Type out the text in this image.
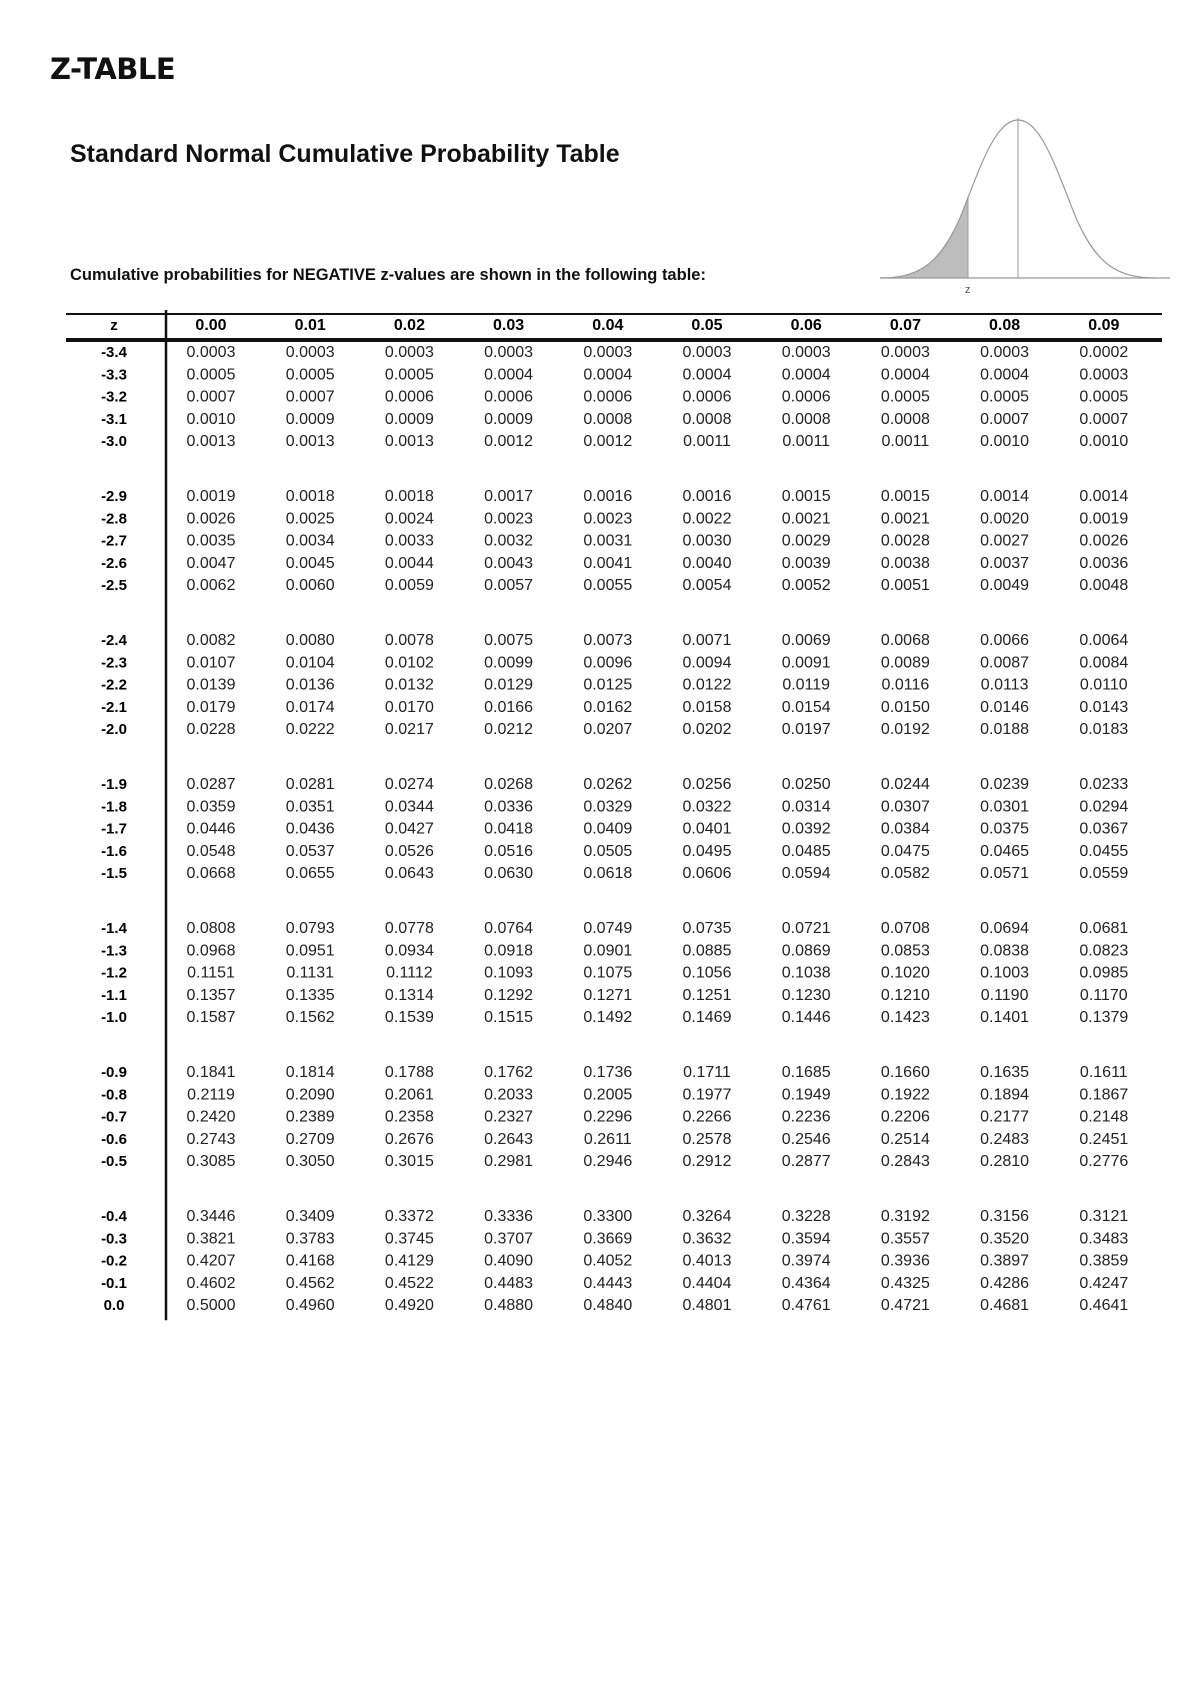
Z-TABLE
Standard Normal Cumulative Probability Table
Cumulative probabilities for NEGATIVE z-values are shown in the following table:
z
z	0.00	0.01	0.02	0.03	0.04	0.05	0.06	0.07	0.08	0.09
-3.4	0.0003	0.0003	0.0003	0.0003	0.0003	0.0003	0.0003	0.0003	0.0003	0.0002
-3.3	0.0005	0.0005	0.0005	0.0004	0.0004	0.0004	0.0004	0.0004	0.0004	0.0003
-3.2	0.0007	0.0007	0.0006	0.0006	0.0006	0.0006	0.0006	0.0005	0.0005	0.0005
-3.1	0.0010	0.0009	0.0009	0.0009	0.0008	0.0008	0.0008	0.0008	0.0007	0.0007
-3.0	0.0013	0.0013	0.0013	0.0012	0.0012	0.0011	0.0011	0.0011	0.0010	0.0010
-2.9	0.0019	0.0018	0.0018	0.0017	0.0016	0.0016	0.0015	0.0015	0.0014	0.0014
-2.8	0.0026	0.0025	0.0024	0.0023	0.0023	0.0022	0.0021	0.0021	0.0020	0.0019
-2.7	0.0035	0.0034	0.0033	0.0032	0.0031	0.0030	0.0029	0.0028	0.0027	0.0026
-2.6	0.0047	0.0045	0.0044	0.0043	0.0041	0.0040	0.0039	0.0038	0.0037	0.0036
-2.5	0.0062	0.0060	0.0059	0.0057	0.0055	0.0054	0.0052	0.0051	0.0049	0.0048
-2.4	0.0082	0.0080	0.0078	0.0075	0.0073	0.0071	0.0069	0.0068	0.0066	0.0064
-2.3	0.0107	0.0104	0.0102	0.0099	0.0096	0.0094	0.0091	0.0089	0.0087	0.0084
-2.2	0.0139	0.0136	0.0132	0.0129	0.0125	0.0122	0.0119	0.0116	0.0113	0.0110
-2.1	0.0179	0.0174	0.0170	0.0166	0.0162	0.0158	0.0154	0.0150	0.0146	0.0143
-2.0	0.0228	0.0222	0.0217	0.0212	0.0207	0.0202	0.0197	0.0192	0.0188	0.0183
-1.9	0.0287	0.0281	0.0274	0.0268	0.0262	0.0256	0.0250	0.0244	0.0239	0.0233
-1.8	0.0359	0.0351	0.0344	0.0336	0.0329	0.0322	0.0314	0.0307	0.0301	0.0294
-1.7	0.0446	0.0436	0.0427	0.0418	0.0409	0.0401	0.0392	0.0384	0.0375	0.0367
-1.6	0.0548	0.0537	0.0526	0.0516	0.0505	0.0495	0.0485	0.0475	0.0465	0.0455
-1.5	0.0668	0.0655	0.0643	0.0630	0.0618	0.0606	0.0594	0.0582	0.0571	0.0559
-1.4	0.0808	0.0793	0.0778	0.0764	0.0749	0.0735	0.0721	0.0708	0.0694	0.0681
-1.3	0.0968	0.0951	0.0934	0.0918	0.0901	0.0885	0.0869	0.0853	0.0838	0.0823
-1.2	0.1151	0.1131	0.1112	0.1093	0.1075	0.1056	0.1038	0.1020	0.1003	0.0985
-1.1	0.1357	0.1335	0.1314	0.1292	0.1271	0.1251	0.1230	0.1210	0.1190	0.1170
-1.0	0.1587	0.1562	0.1539	0.1515	0.1492	0.1469	0.1446	0.1423	0.1401	0.1379
-0.9	0.1841	0.1814	0.1788	0.1762	0.1736	0.1711	0.1685	0.1660	0.1635	0.1611
-0.8	0.2119	0.2090	0.2061	0.2033	0.2005	0.1977	0.1949	0.1922	0.1894	0.1867
-0.7	0.2420	0.2389	0.2358	0.2327	0.2296	0.2266	0.2236	0.2206	0.2177	0.2148
-0.6	0.2743	0.2709	0.2676	0.2643	0.2611	0.2578	0.2546	0.2514	0.2483	0.2451
-0.5	0.3085	0.3050	0.3015	0.2981	0.2946	0.2912	0.2877	0.2843	0.2810	0.2776
-0.4	0.3446	0.3409	0.3372	0.3336	0.3300	0.3264	0.3228	0.3192	0.3156	0.3121
-0.3	0.3821	0.3783	0.3745	0.3707	0.3669	0.3632	0.3594	0.3557	0.3520	0.3483
-0.2	0.4207	0.4168	0.4129	0.4090	0.4052	0.4013	0.3974	0.3936	0.3897	0.3859
-0.1	0.4602	0.4562	0.4522	0.4483	0.4443	0.4404	0.4364	0.4325	0.4286	0.4247
0.0	0.5000	0.4960	0.4920	0.4880	0.4840	0.4801	0.4761	0.4721	0.4681	0.4641
